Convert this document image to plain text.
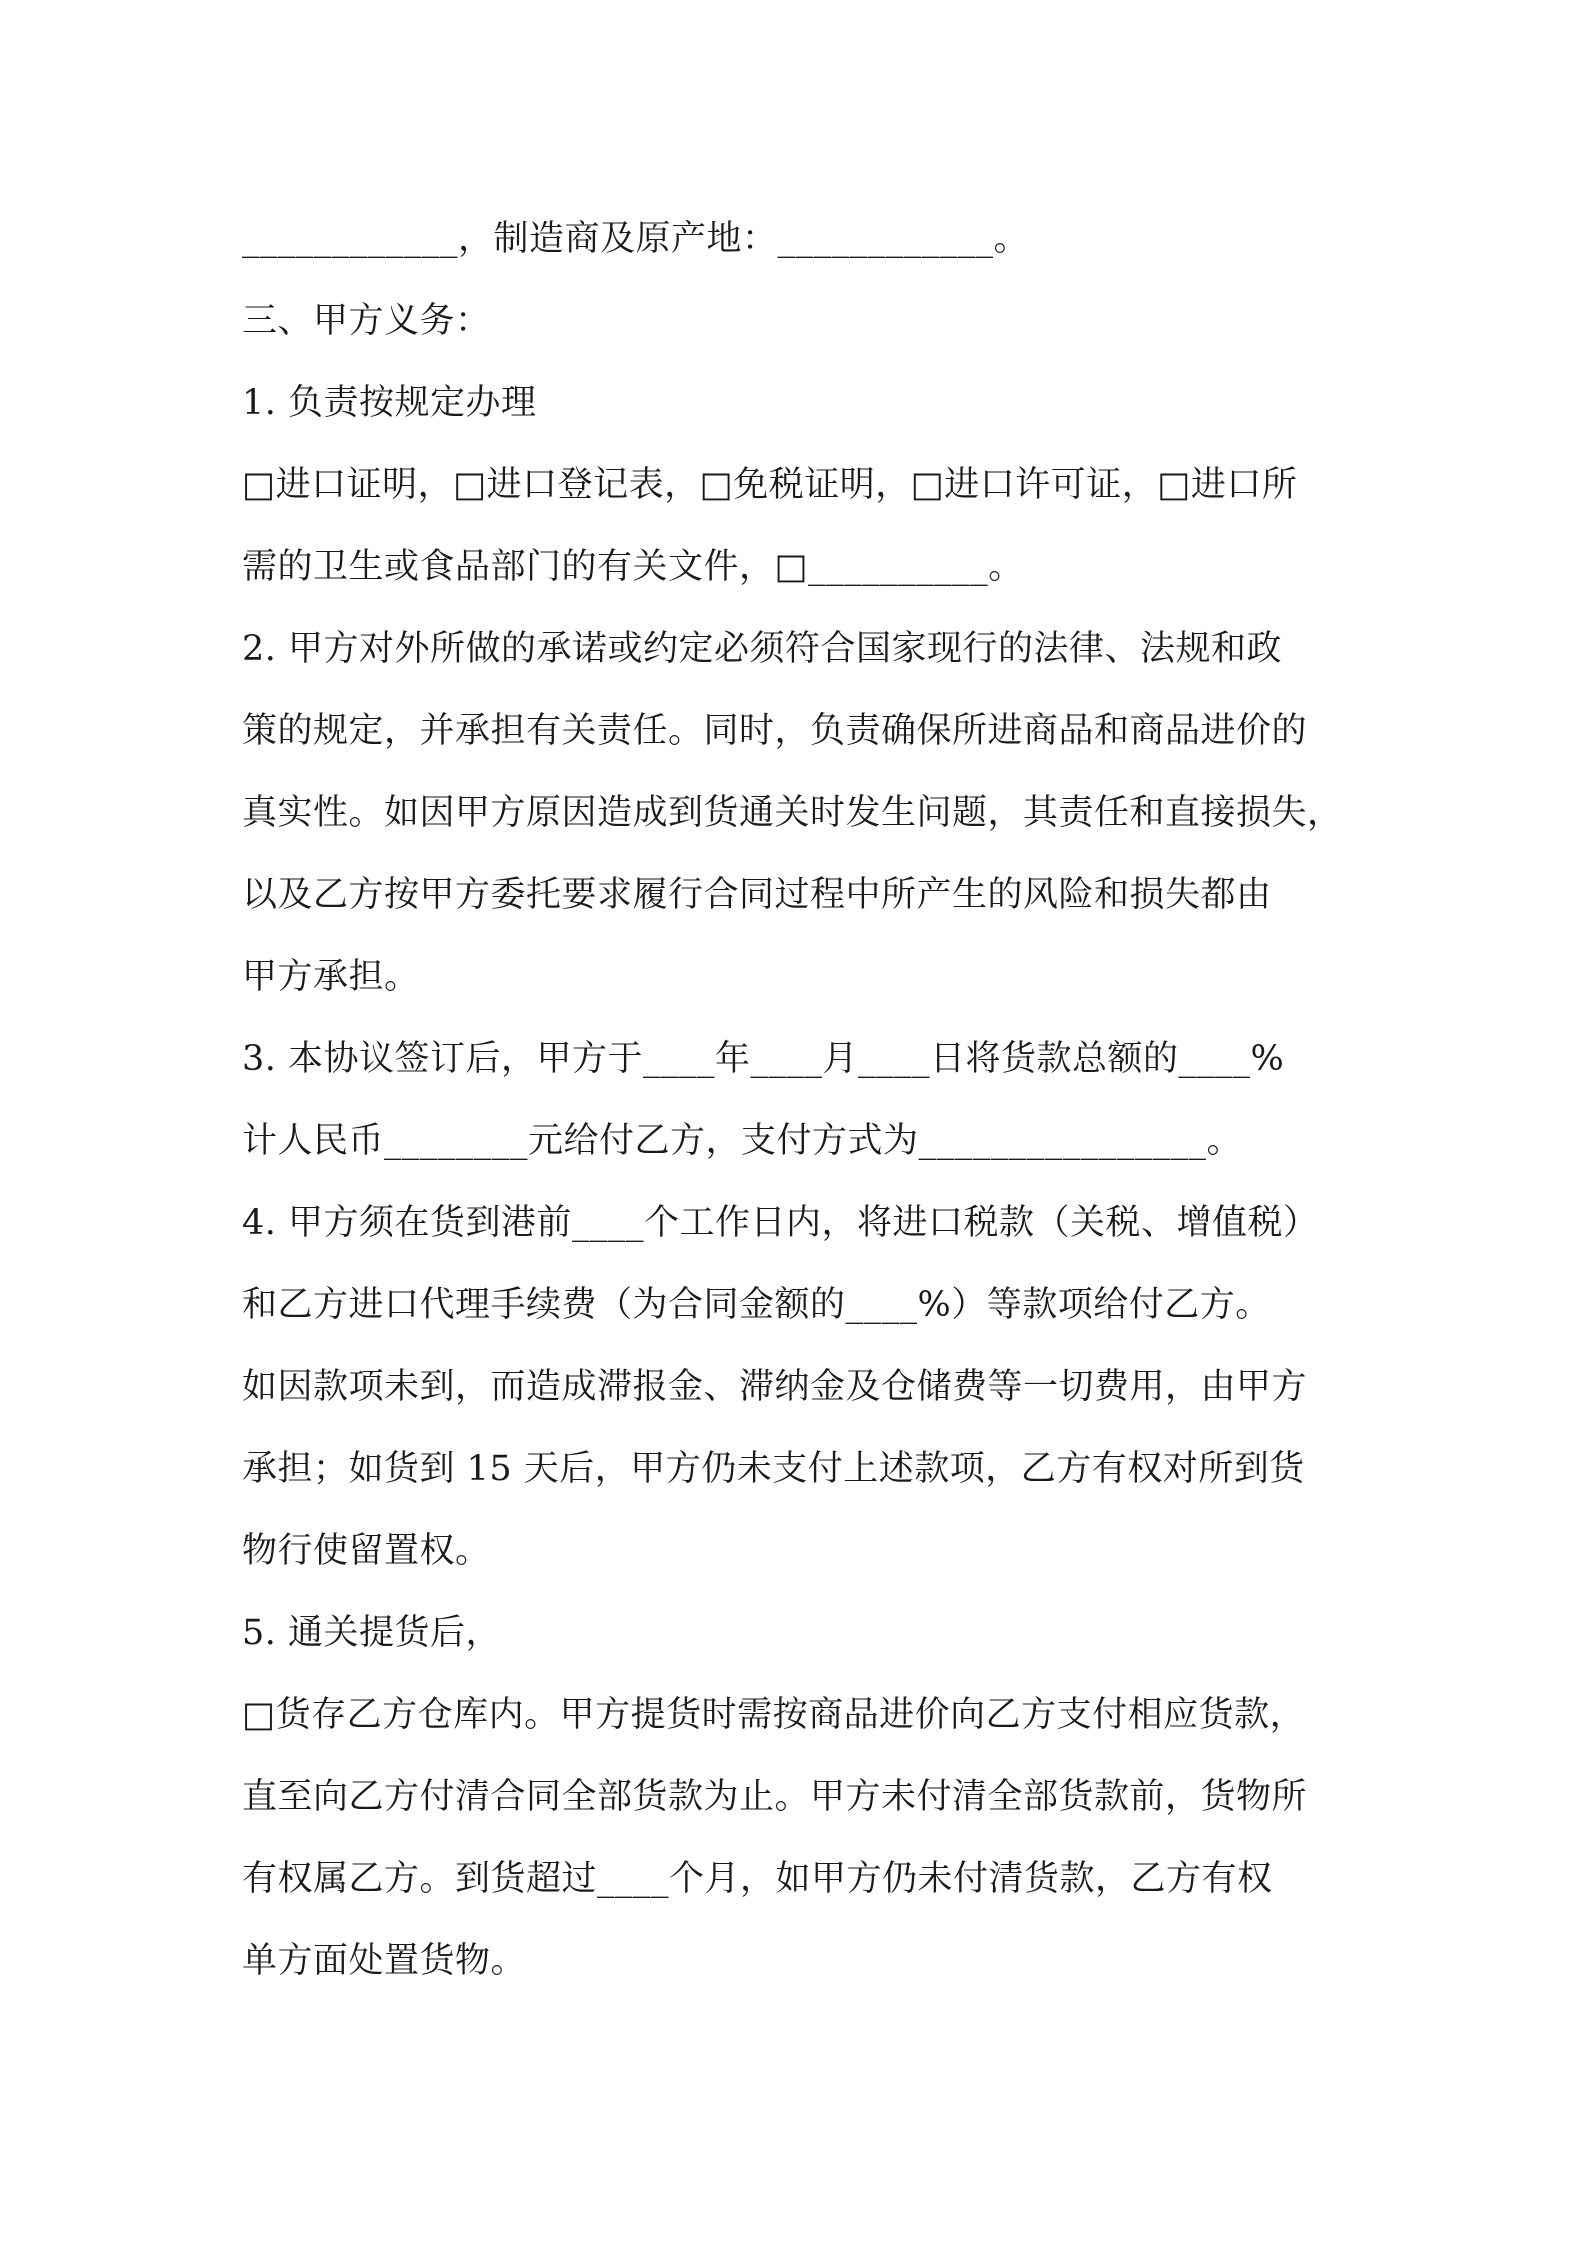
____________，制造商及原产地：____________。
三、甲方义务：
1. 负责按规定办理
□进口证明，□进口登记表，□免税证明，□进口许可证，□进口所
需的卫生或食品部门的有关文件，□__________。
2. 甲方对外所做的承诺或约定必须符合国家现行的法律、法规和政
策的规定，并承担有关责任。同时，负责确保所进商品和商品进价的
真实性。如因甲方原因造成到货通关时发生问题，其责任和直接损失，
以及乙方按甲方委托要求履行合同过程中所产生的风险和损失都由
甲方承担。
3. 本协议签订后，甲方于____年____月____日将货款总额的____%
计人民币________元给付乙方，支付方式为________________。
4. 甲方须在货到港前____个工作日内，将进口税款（关税、增值税）
和乙方进口代理手续费（为合同金额的____%）等款项给付乙方。
如因款项未到，而造成滞报金、滞纳金及仓储费等一切费用，由甲方
承担；如货到 15 天后，甲方仍未支付上述款项，乙方有权对所到货
物行使留置权。
5. 通关提货后，
□货存乙方仓库内。甲方提货时需按商品进价向乙方支付相应货款，
直至向乙方付清合同全部货款为止。甲方未付清全部货款前，货物所
有权属乙方。到货超过____个月，如甲方仍未付清货款，乙方有权
单方面处置货物。
